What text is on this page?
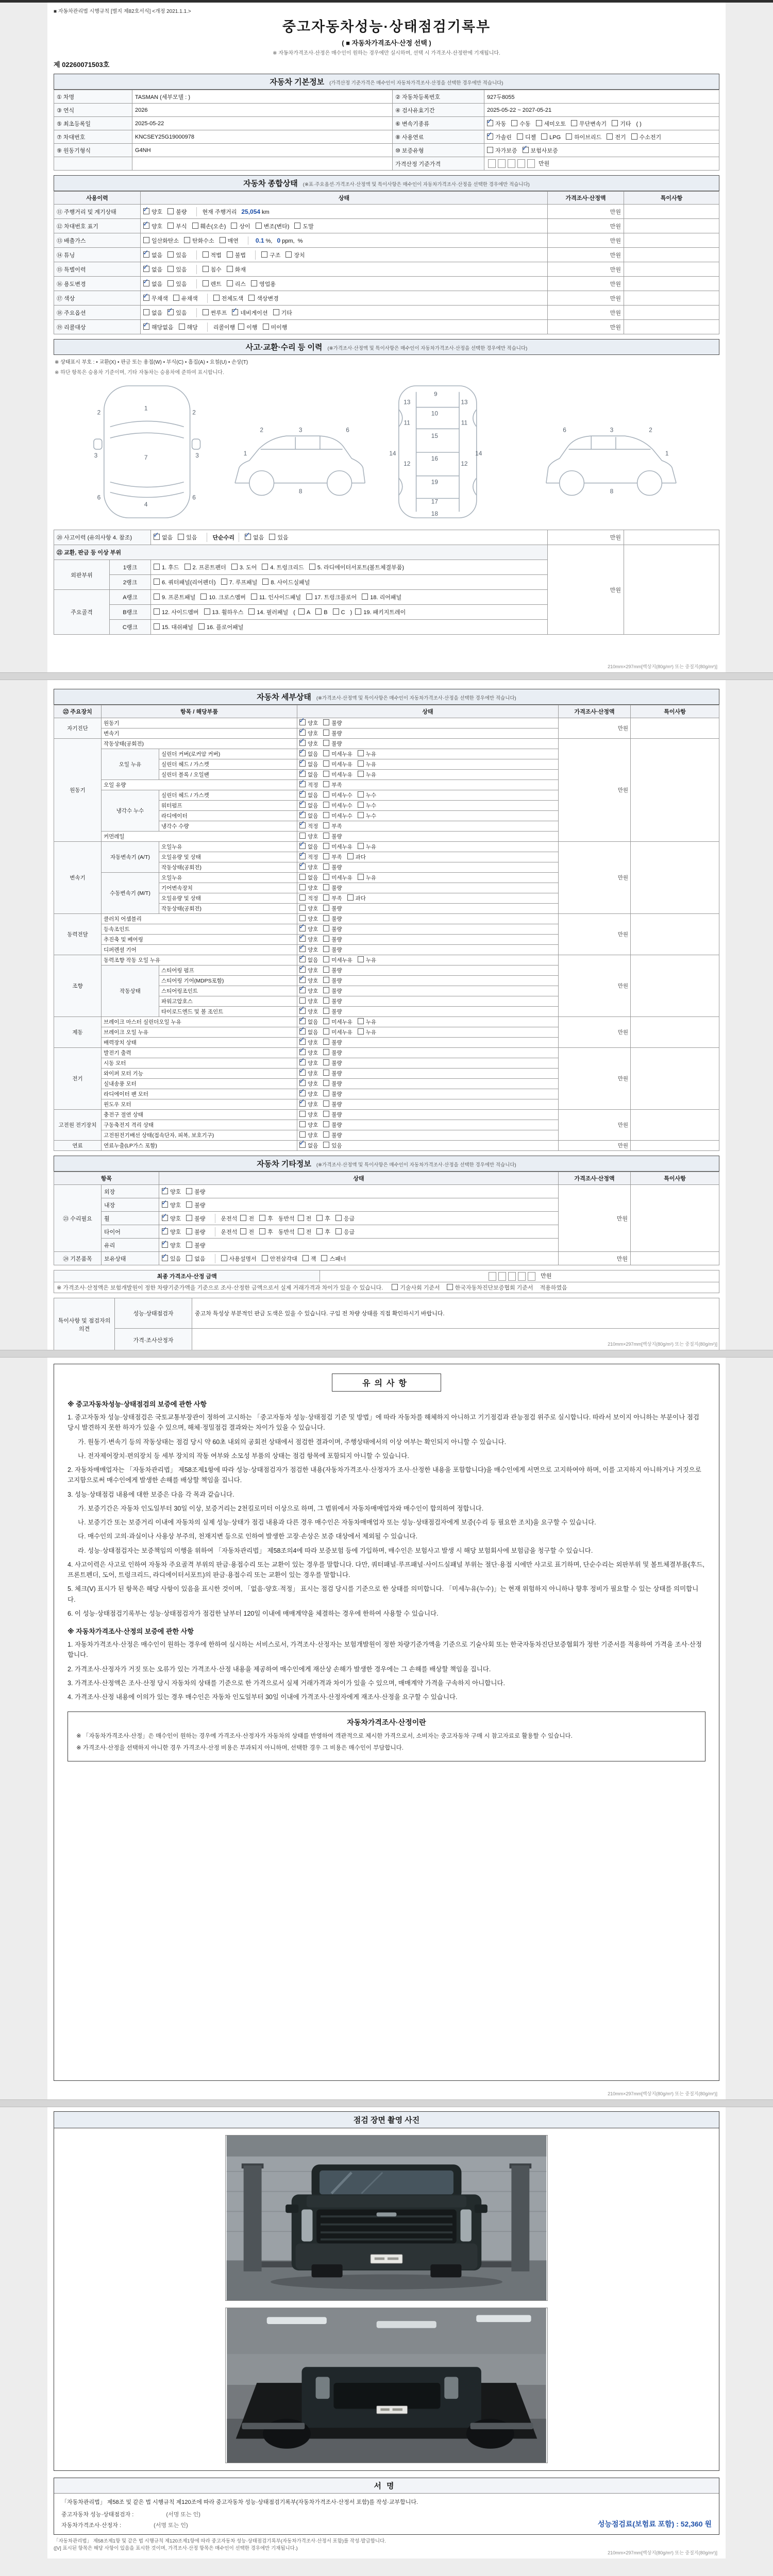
■ 자동차관리법 시행규칙 [별지 제82호서식] <개정 2021.1.1.>
중고자동차성능·상태점검기록부
( ■ 자동차가격조사·산정 선택 )
※ 자동차가격조사·산정은 매수인이 원하는 경우에만 실시하며, 선택 시 가격조사·산정란에 기재됩니다.
제 02260071503호
자동차 기본정보 (가격산정 기준가격은 매수인이 자동차가격조사·산정을 선택한 경우에만 적습니다)
① 차명	TASMAN (세부모델 : )	② 자동차등록번호	927두8055
③ 연식	2026	④ 검사유효기간	2025-05-22 ~ 2027-05-21
⑤ 최초등록일	2025-05-22	⑥ 변속기종류	✓자동 수동 세미오토 무단변속기 기타 ( )
⑦ 차대번호	KNCSEY25G19000978	⑧ 사용연료	✓가솔린 디젤 LPG 하이브리드 전기 수소전기
⑨ 원동기형식	G4NH	⑩ 보증유형	자가보증 ✓ 보험사보증
		가격산정 기준가격	만원
자동차 종합상태 (※표·주요옵션·가격조사·산정액 및 특이사항은 매수인이 자동차가격조사·산정을 선택한 경우에만 적습니다)
사용이력	상태	가격조사·산정액	특이사항
⑪ 주행거리 및 계기상태	✓양호 불량 현재 주행거리 25,054 km	만원	
⑫ 차대번호 표기	✓양호 부식 훼손(오손) 상이 변조(변타) 도말	만원	
⑬ 배출가스	일산화탄소 탄화수소 매연 0.1 %, 0 ppm, %	만원	
⑭ 튜닝	✓없음 있음 적법 불법 구조 장치	만원	
⑮ 특별이력	✓없음 있음 침수 화재	만원	
⑯ 용도변경	✓없음 있음 렌트 리스 영업용	만원	
⑰ 색상	✓무채색 유채색 전체도색 색상변경	만원	
⑱ 주요옵션	없음 ✓ 있음 썬루프 ✓ 네비게이션 기타	만원	
⑲ 리콜대상	✓해당없음 해당 리콜이행 이행 미이행	만원	
사고·교환·수리 등 이력 (※가격조사·산정액 및 특이사항은 매수인이 자동차가격조사·산정을 선택한 경우에만 적습니다)
※ 상태표시 부호 : • 교환(X) • 판금 또는 용접(W) • 부식(C) • 흠집(A) • 요철(U) • 손상(T)
※ 하단 항목은 승용차 기준이며, 기타 자동차는 승용차에 준하여 표시합니다.
1
2	2
3	3
7
6	6
4
1
2	3	6
8
9
10
13	13
11	11
15
12	12
16
14	14
19
17
18
6	3	2
1
8
⑳ 사고이력 (유의사항 4. 참조)	✓없음 있음 단순수리 ✓ 없음 있음	만원	
㉑ 교환, 판금 등 이상 부위			만원	
외판부위	1랭크	1. 후드 2. 프론트펜더 3. 도어 4. 트렁크리드 5. 라디에이터서포트(볼트체결부품)		
	2랭크	6. 쿼터패널(리어펜더) 7. 루프패널 8. 사이드실패널		
주요골격	A랭크	9. 프론트패널 10. 크로스멤버 11. 인사이드패널 17. 트렁크플로어 18. 리어패널		
	B랭크	12. 사이드멤버 13. 휠하우스 14. 필러패널 ( A B C ) 19. 패키지트레이		
	C랭크	15. 대쉬패널 16. 플로어패널		
210mm×297mm[백상지(80g/m²) 또는 중질지(80g/m²)]
자동차 세부상태 (※가격조사·산정액 및 특이사항은 매수인이 자동차가격조사·산정을 선택한 경우에만 적습니다)
㉒ 주요장치	항목 / 해당부품		상태	가격조사·산정액	특이사항
자기진단	원동기	✓양호 불량	만원	
	변속기	✓양호 불량
원동기	작동상태(공회전)	✓양호 불량	만원	
	오일 누유	실린더 커버(로커암 커버)	✓없음 미세누유 누유
		실린더 헤드 / 가스켓	✓없음 미세누유 누유
		실린더 블록 / 오일팬	✓없음 미세누유 누유
	오일 유량	✓적정 부족
	냉각수 누수	실린더 헤드 / 가스켓	✓없음 미세누수 누수
		워터펌프	✓없음 미세누수 누수
		라디에이터	✓없음 미세누수 누수
		냉각수 수량	✓적정 부족
	커먼레일		양호 불량		
변속기	자동변속기 (A/T)	오일누유	✓없음 미세누유 누유	만원	
		오일유량 및 상태	✓적정 부족 과다
		작동상태(공회전)	✓양호 불량
	수동변속기 (M/T)	오일누유	없음 미세누유 누유		
		기어변속장치	양호 불량		
		오일유량 및 상태	적정 부족 과다		
		작동상태(공회전)	양호 불량		
동력전달	클러치 어셈블리		양호 불량	만원	
	등속조인트	✓양호 불량
	추진축 및 베어링	✓양호 불량
	디퍼렌셜 기어	✓양호 불량
조향	동력조향 작동 오일 누유	✓없음 미세누유 누유	만원	
	작동상태	스티어링 펌프	✓양호 불량
		스티어링 기어(MDPS포함)	✓양호 불량
		스티어링조인트	✓양호 불량
		파워고압호스	양호 불량		
		타이로드엔드 및 볼 조인트	✓양호 불량
제동	브레이크 마스터 실린더오일 누유	✓없음 미세누유 누유	만원	
	브레이크 오일 누유	✓없음 미세누유 누유
	배력장치 상태	✓양호 불량
전기	발전기 출력	✓양호 불량	만원	
	시동 모터	✓양호 불량
	와이퍼 모터 기능	✓양호 불량
	실내송풍 모터	✓양호 불량
	라디에이터 팬 모터	✓양호 불량
	윈도우 모터	✓양호 불량
고전원 전기장치	충전구 절연 상태		양호 불량	만원	
	구동축전지 격리 상태		양호 불량		
	고전원전기배선 상태(접속단자, 피복, 보호기구)		양호 불량		
연료	연료누출(LP가스 포함)	✓없음 있음	만원	
자동차 기타정보 (※가격조사·산정액 및 특이사항은 매수인이 자동차가격조사·산정을 선택한 경우에만 적습니다)
항목		상태	가격조사·산정액	특이사항
㉓ 수리필요	외장	✓양호 불량	만원	
	내장	✓양호 불량
	휠	✓양호 불량 운전석 전 후 동반석 전 후 응급
	타이어	✓양호 불량 운전석 전 후 동반석 전 후 응급
	유리	✓양호 불량
㉔ 기본품목	보유상태	✓있음 없음 사용설명서 안전삼각대 잭 스패너	만원	
최종 가격조사·산정 금액	만원
※ 가격조사·산정액은 보험개발원이 정한 차량기준가액을 기준으로 조사·산정한 금액으로서 실제 거래가격과 차이가 있을 수 있습니다.	기술사회 기준서	한국자동차진단보증협회 기준서 적용하였음
특이사항 및 점검자의 의견	성능·상태점검자	중고차 특성상 부분적인 판금 도색은 있을 수 있습니다. 구입 전 차량 상태를 직접 확인하시기 바랍니다.
	가격·조사산정자	
210mm×297mm[백상지(80g/m²) 또는 중질지(80g/m²)]
유의사항
※ 중고자동차성능·상태점검의 보증에 관한 사항
1. 중고자동차 성능·상태점검은 국토교통부장관이 정하여 고시하는 「중고자동차 성능·상태점검 기준 및 방법」에 따라 자동차를 해체하지 아니하고 기기점검과 관능점검 위주로 실시합니다. 따라서 보이지 아니하는 부분이나 점검 당시 발견하지 못한 하자가 있을 수 있으며, 해체·정밀점검 결과와는 차이가 있을 수 있습니다.
가. 원동기·변속기 등의 작동상태는 점검 당시 약 60초 내외의 공회전 상태에서 점검한 결과이며, 주행상태에서의 이상 여부는 확인되지 아니할 수 있습니다.
나. 전자제어장치·편의장치 등 세부 장치의 작동 여부와 소모성 부품의 상태는 점검 항목에 포함되지 아니할 수 있습니다.
2. 자동차매매업자는 「자동차관리법」 제58조제1항에 따라 성능·상태점검자가 점검한 내용(자동차가격조사·산정자가 조사·산정한 내용을 포함합니다)을 매수인에게 서면으로 고지하여야 하며, 이를 고지하지 아니하거나 거짓으로 고지함으로써 매수인에게 발생한 손해를 배상할 책임을 집니다.
3. 성능·상태점검 내용에 대한 보증은 다음 각 목과 같습니다.
가. 보증기간은 자동차 인도일부터 30일 이상, 보증거리는 2천킬로미터 이상으로 하며, 그 범위에서 자동차매매업자와 매수인이 합의하여 정합니다.
나. 보증기간 또는 보증거리 이내에 자동차의 실제 성능·상태가 점검 내용과 다른 경우 매수인은 자동차매매업자 또는 성능·상태점검자에게 보증(수리 등 필요한 조치)을 요구할 수 있습니다.
다. 매수인의 고의·과실이나 사용상 부주의, 천재지변 등으로 인하여 발생한 고장·손상은 보증 대상에서 제외될 수 있습니다.
라. 성능·상태점검자는 보증책임의 이행을 위하여 「자동차관리법」 제58조의4에 따라 보증보험 등에 가입하며, 매수인은 보험사고 발생 시 해당 보험회사에 보험금을 청구할 수 있습니다.
4. 사고이력은 사고로 인하여 자동차 주요골격 부위의 판금·용접수리 또는 교환이 있는 경우를 말합니다. 다만, 쿼터패널·루프패널·사이드실패널 부위는 절단·용접 시에만 사고로 표기하며, 단순수리는 외판부위 및 볼트체결부품(후드, 프론트펜더, 도어, 트렁크리드, 라디에이터서포트)의 판금·용접수리 또는 교환이 있는 경우를 말합니다.
5. 체크(V) 표시가 된 항목은 해당 사항이 있음을 표시한 것이며, 「없음·양호·적정」 표시는 점검 당시를 기준으로 한 상태를 의미합니다. 「미세누유(누수)」는 현재 위험하지 아니하나 향후 정비가 필요할 수 있는 상태를 의미합니다.
6. 이 성능·상태점검기록부는 성능·상태점검자가 점검한 날부터 120일 이내에 매매계약을 체결하는 경우에 한하여 사용할 수 있습니다.
※ 자동차가격조사·산정의 보증에 관한 사항
1. 자동차가격조사·산정은 매수인이 원하는 경우에 한하여 실시하는 서비스로서, 가격조사·산정자는 보험개발원이 정한 차량기준가액을 기준으로 기술사회 또는 한국자동차진단보증협회가 정한 기준서를 적용하여 가격을 조사·산정합니다.
2. 가격조사·산정자가 거짓 또는 오류가 있는 가격조사·산정 내용을 제공하여 매수인에게 재산상 손해가 발생한 경우에는 그 손해를 배상할 책임을 집니다.
3. 가격조사·산정액은 조사·산정 당시 자동차의 상태를 기준으로 한 가격으로서 실제 거래가격과 차이가 있을 수 있으며, 매매계약 가격을 구속하지 아니합니다.
4. 가격조사·산정 내용에 이의가 있는 경우 매수인은 자동차 인도일부터 30일 이내에 가격조사·산정자에게 재조사·산정을 요구할 수 있습니다.
자동차가격조사·산정이란
※ 「자동차가격조사·산정」은 매수인이 원하는 경우에 가격조사·산정자가 자동차의 상태를 반영하여 객관적으로 제시한 가격으로서, 소비자는 중고자동차 구매 시 참고자료로 활용할 수 있습니다.
※ 가격조사·산정을 선택하지 아니한 경우 가격조사·산정 비용은 부과되지 아니하며, 선택한 경우 그 비용은 매수인이 부담합니다.
210mm×297mm[백상지(80g/m²) 또는 중질지(80g/m²)]
점검 장면 촬영 사진
서명
「자동차관리법」 제58조 및 같은 법 시행규칙 제120조에 따라 중고자동차 성능·상태점검기록부(자동차가격조사·산정서 포함)를 작성·교부합니다.
중고자동차 성능·상태점검자 :	(서명 또는 인)
자동차가격조사·산정자 :	(서명 또는 인)	성능점검료(보험료 포함) : 52,360 원
「자동차관리법」 제58조제1항 및 같은 법 시행규칙 제120조제1항에 따라 중고자동차 성능·상태점검기록부(자동차가격조사·산정서 포함)를 작성·발급합니다.
([V] 표시된 항목은 해당 사항이 있음을 표시한 것이며, 가격조사·산정 항목은 매수인이 선택한 경우에만 기재됩니다.)
210mm×297mm[백상지(80g/m²) 또는 중질지(80g/m²)]
